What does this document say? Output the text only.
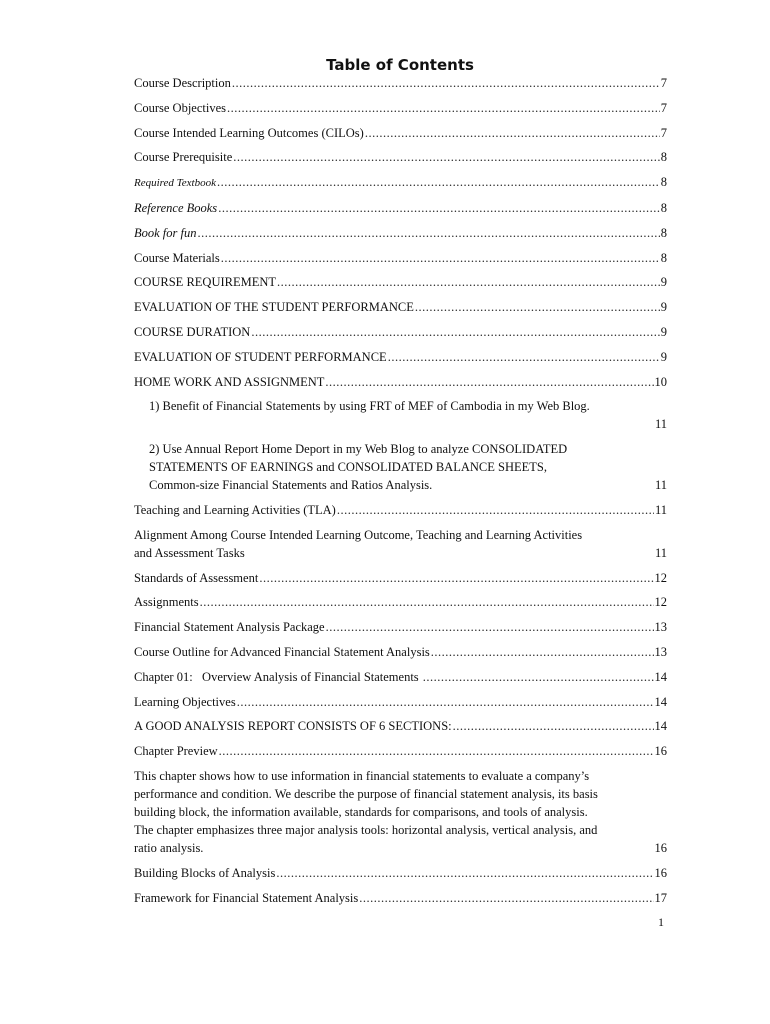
Table of Contents
Course Description .....	7
Course Objectives .....	7
Course Intended Learning Outcomes (CILOs) .....	7
Course Prerequisite .....	8
Required Textbook .....	8
Reference Books .....	8
Book for fun .....	8
Course Materials .....	8
COURSE REQUIREMENT .....	9
EVALUATION OF THE STUDENT PERFORMANCE .....	9
COURSE DURATION .....	9
EVALUATION OF STUDENT PERFORMANCE .....	9
HOME WORK AND ASSIGNMENT .....	10
1) Benefit of Financial Statements by using FRT of MEF of Cambodia in my Web Blog.
11
2) Use Annual Report Home Deport in my Web Blog to analyze CONSOLIDATED
STATEMENTS OF EARNINGS and CONSOLIDATED BALANCE SHEETS,
Common-size Financial Statements and Ratios Analysis.	11
Teaching and Learning Activities (TLA) .....	11
Alignment Among Course Intended Learning Outcome, Teaching and Learning Activities
and Assessment Tasks	11
Standards of Assessment .....	12
Assignments .....	12
Financial Statement Analysis Package .....	13
Course Outline for Advanced Financial Statement Analysis .....	13
Chapter 01:   Overview Analysis of Financial Statements .....	14
Learning Objectives .....	14
A GOOD ANALYSIS REPORT CONSISTS OF 6 SECTIONS: .....	14
Chapter Preview .....	16
This chapter shows how to use information in financial statements to evaluate a company’s
performance and condition. We describe the purpose of financial statement analysis, its basis
building block, the information available, standards for comparisons, and tools of analysis.
The chapter emphasizes three major analysis tools: horizontal analysis, vertical analysis, and
ratio analysis.	16
Building Blocks of Analysis .....	16
Framework for Financial Statement Analysis .....	17
1
